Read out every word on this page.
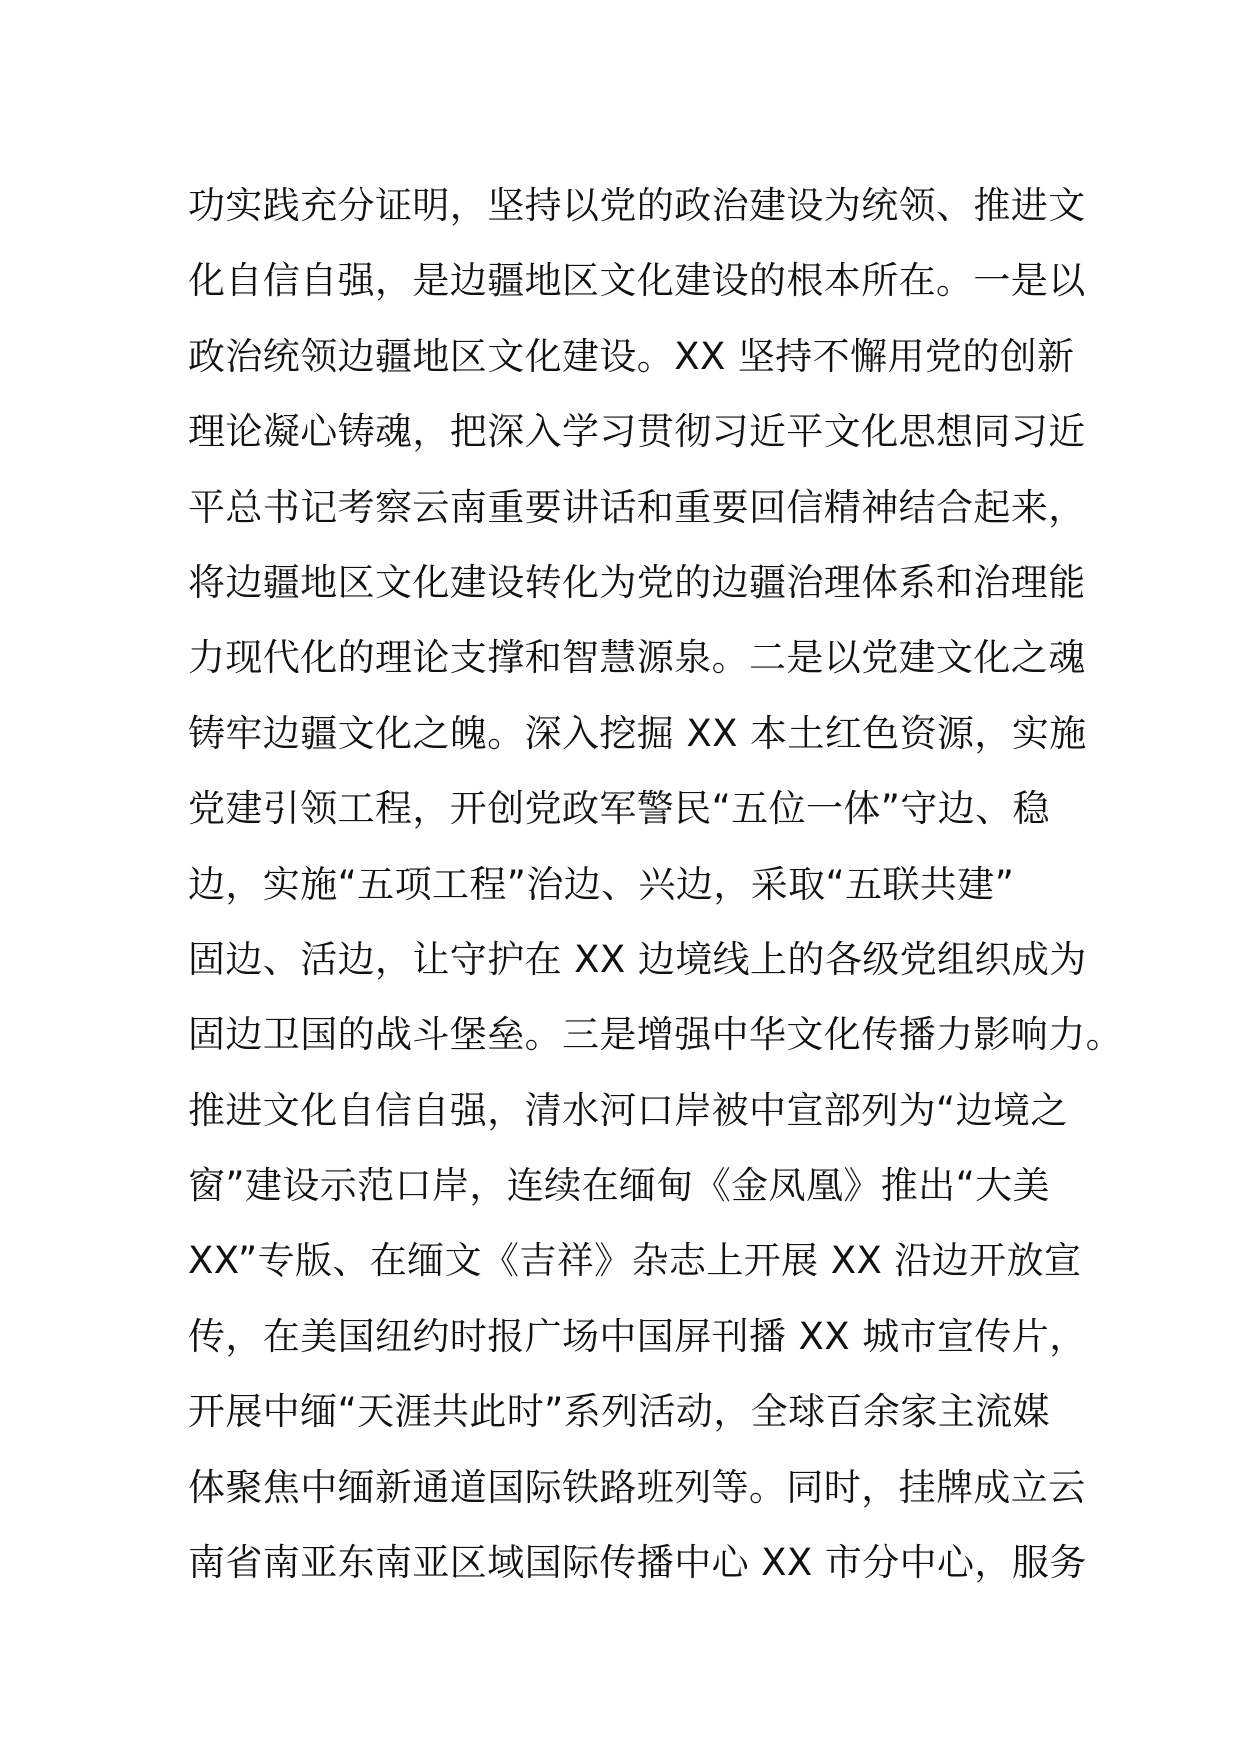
功实践充分证明，坚持以党的政治建设为统领、推进文
化自信自强，是边疆地区文化建设的根本所在。一是以
政治统领边疆地区文化建设。XX 坚持不懈用党的创新
理论凝心铸魂，把深入学习贯彻习近平文化思想同习近
平总书记考察云南重要讲话和重要回信精神结合起来，
将边疆地区文化建设转化为党的边疆治理体系和治理能
力现代化的理论支撑和智慧源泉。二是以党建文化之魂
铸牢边疆文化之魄。深入挖掘 XX 本土红色资源，实施
党建引领工程，开创党政军警民“五位一体”守边、稳
边，实施“五项工程”治边、兴边，采取“五联共建”
固边、活边，让守护在 XX 边境线上的各级党组织成为
固边卫国的战斗堡垒。三是增强中华文化传播力影响力。
推进文化自信自强，清水河口岸被中宣部列为“边境之
窗”建设示范口岸，连续在缅甸《金凤凰》推出“大美
XX”专版、在缅文《吉祥》杂志上开展 XX 沿边开放宣
传，在美国纽约时报广场中国屏刊播 XX 城市宣传片，
开展中缅“天涯共此时”系列活动，全球百余家主流媒
体聚焦中缅新通道国际铁路班列等。同时，挂牌成立云
南省南亚东南亚区域国际传播中心 XX 市分中心，服务
